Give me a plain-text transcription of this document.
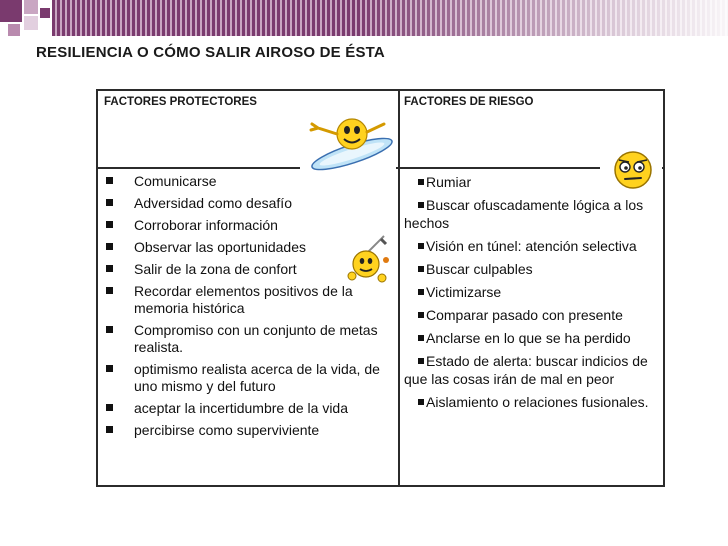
RESILIENCIA O CÓMO SALIR AIROSO DE ÉSTA
FACTORES PROTECTORES	FACTORES DE RIESGO
Comunicarse
Adversidad como desafío
Corroborar información
Observar las oportunidades
Salir de la zona de confort
Recordar elementos positivos de la memoria histórica
Compromiso con un conjunto de metas realista.
optimismo realista acerca de la vida, de uno mismo y del futuro
aceptar la incertidumbre de la vida
percibirse como superviviente
Rumiar
Buscar ofuscadamente lógica a los hechos
Visión en túnel: atención selectiva
Buscar culpables
Victimizarse
Comparar pasado con presente
Anclarse en lo que se ha perdido
Estado de alerta: buscar indicios de que las cosas irán de mal en peor
Aislamiento o relaciones fusionales.
